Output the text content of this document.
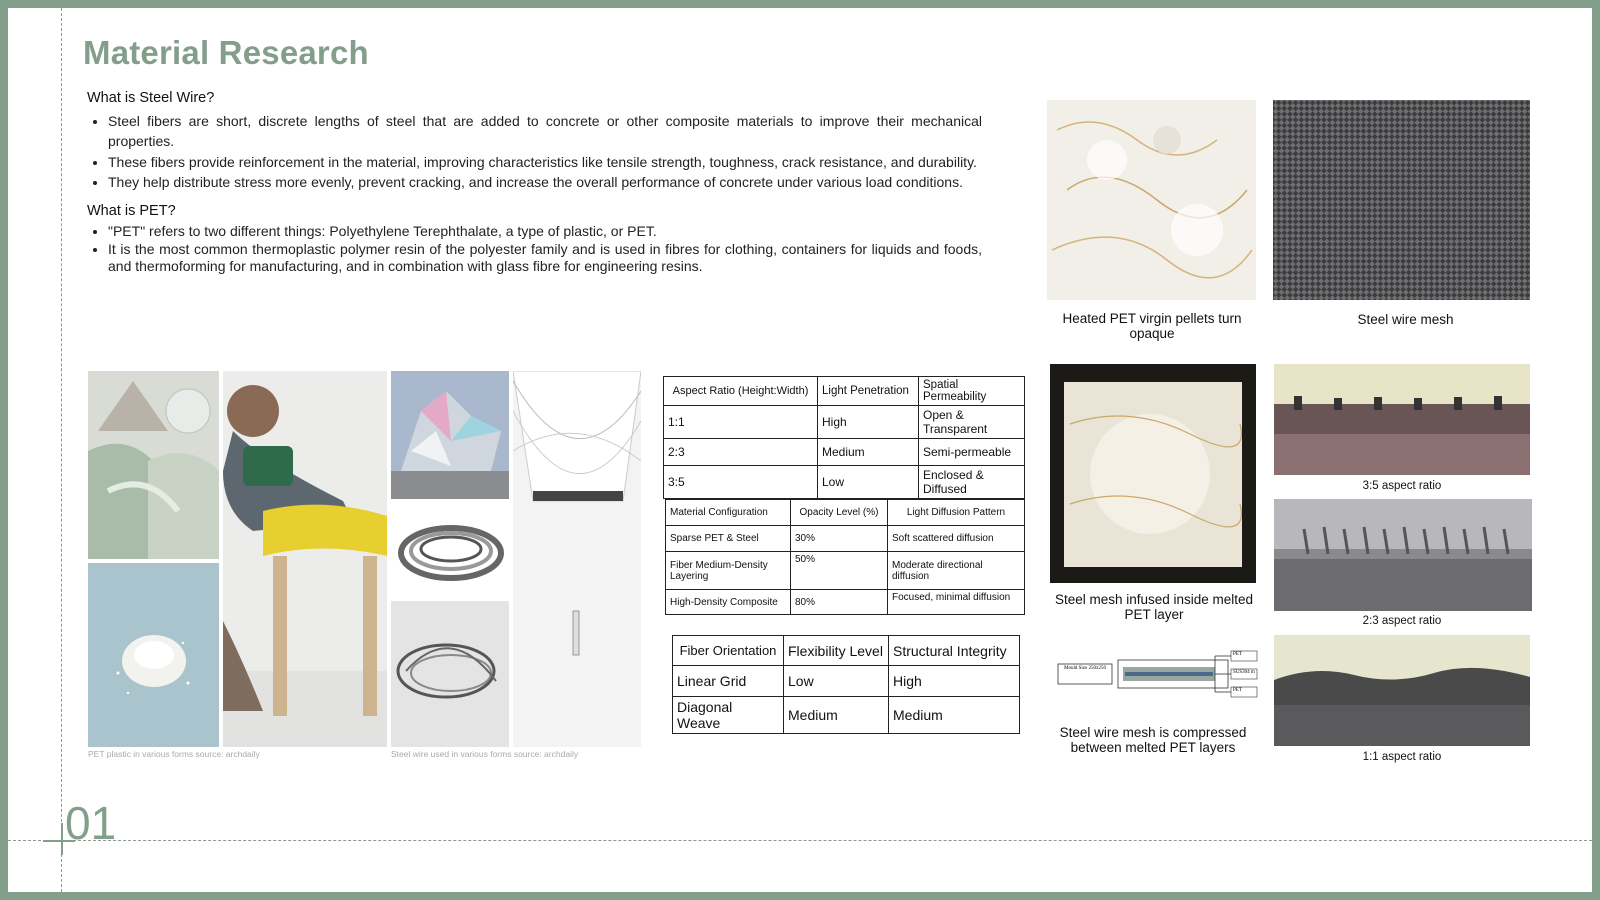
Material Research
01
What is Steel Wire?
• Steel fibers are short, discrete lengths of steel that are added to concrete or other composite materials to improve their mechanical properties.
• These fibers provide reinforcement in the material, improving characteristics like tensile strength, toughness, crack resistance, and durability.
• They help distribute stress more evenly, prevent cracking, and increase the overall performance of concrete under various load conditions.
What is PET?
• "PET" refers to two different things: Polyethylene Terephthalate, a type of plastic, or PET.
• It is the most common thermoplastic polymer resin of the polyester family and is used in fibres for clothing, containers for liquids and foods, and thermoforming for manufacturing, and in combination with glass fibre for engineering resins.
PET plastic in various forms source: archdaily	Steel wire used in various forms source: archdaily
Aspect Ratio (Height:Width)	Light Penetration	Spatial Permeability
1:1	High	Open & Transparent
2:3	Medium	Semi-permeable
3:5	Low	Enclosed & Diffused
Material Configuration	Opacity Level (%)	Light Diffusion Pattern
Sparse PET & Steel	30%	Soft scattered diffusion
Fiber Medium-Density Layering	50%	Moderate directional diffusion
High-Density Composite	80%	Focused, minimal diffusion
Fiber Orientation	Flexibility Level	Structural Integrity
Linear Grid	Low	High
Diagonal Weave	Medium	Medium
Heated PET virgin pellets turn opaque
Steel wire mesh
Steel mesh infused inside melted PET layer
Mould Size 250x250
PET
SUS304 m
PET
Steel wire mesh is compressed between melted PET layers
3:5 aspect ratio
2:3 aspect ratio
1:1 aspect ratio
